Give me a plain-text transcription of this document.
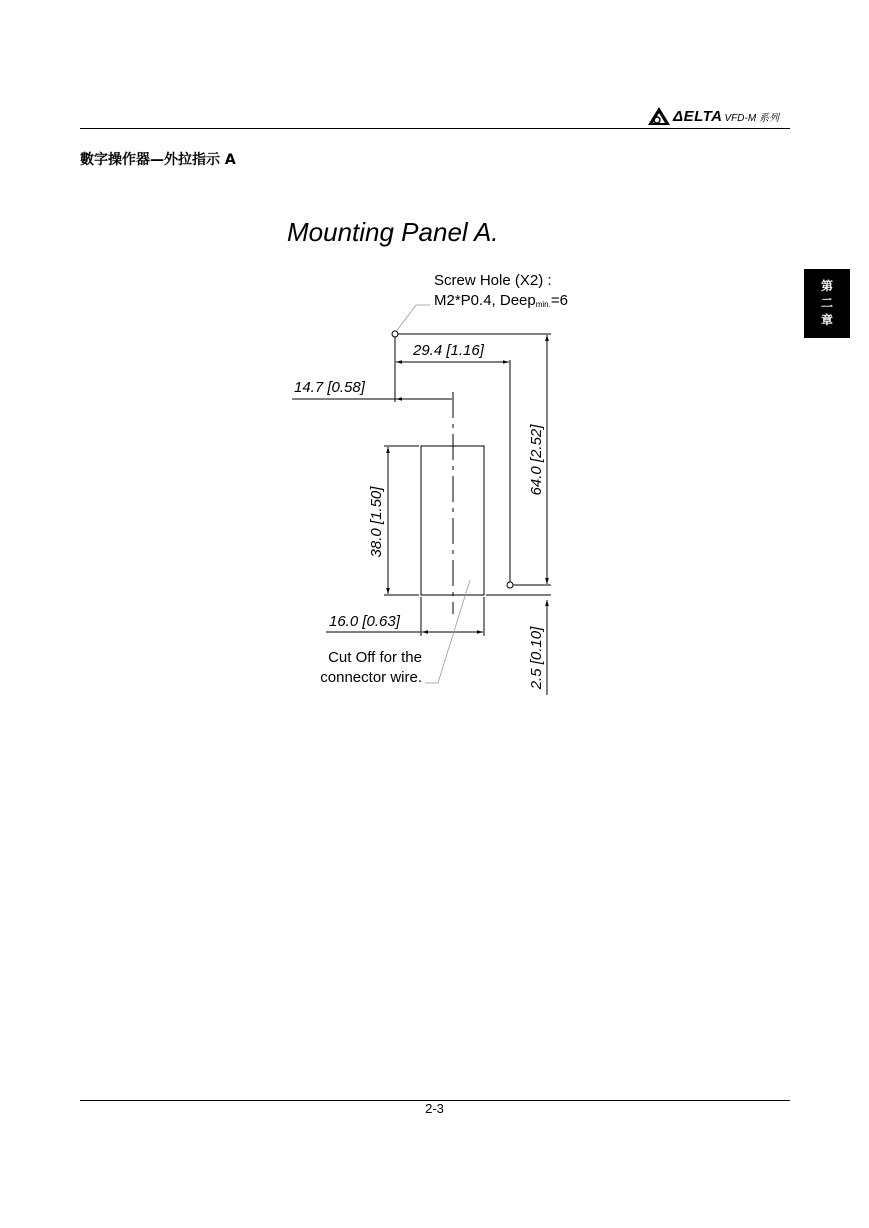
ΔELTA VFD-M 系列
數字操作器—外拉指示 A
第
二
章
Mounting Panel A.
Screw Hole (X2) :
M2*P0.4, Deepmin.=6
29.4 [1.16]
14.7 [0.58]
38.0 [1.50]
16.0 [0.63]
64.0 [2.52]
2.5 [0.10]
Cut Off for the
connector wire.
2-3
